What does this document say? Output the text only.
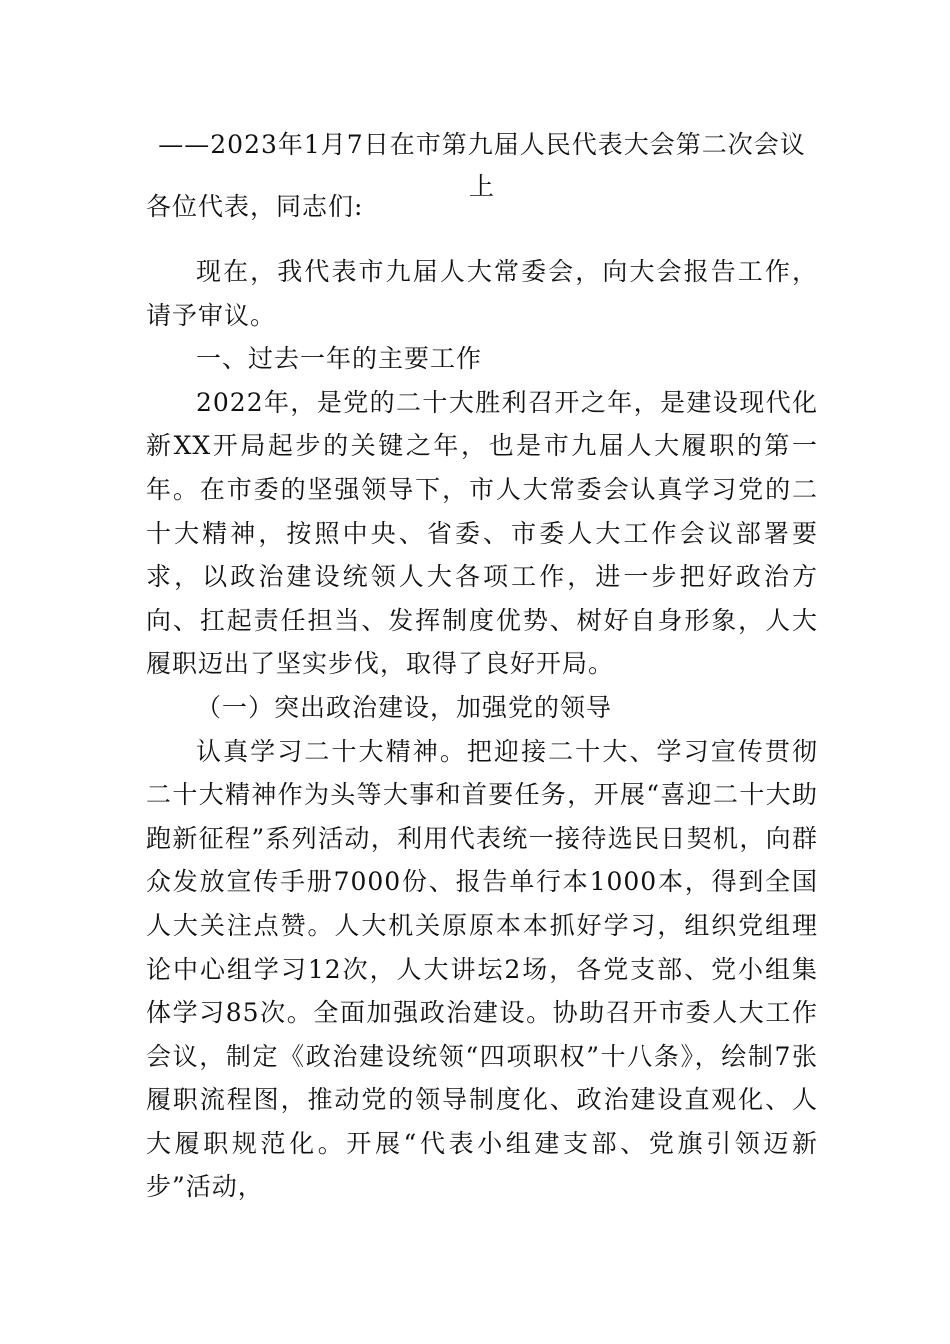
——2023年1月7日在市第九届人民代表大会第二次会议上
各位代表，同志们:

现在，我代表市九届人大常委会，向大会报告工作，请予审议。

一、过去一年的主要工作

2022年，是党的二十大胜利召开之年，是建设现代化新XX开局起步的关键之年，也是市九届人大履职的第一年。在市委的坚强领导下，市人大常委会认真学习党的二十大精神，按照中央、省委、市委人大工作会议部署要求，以政治建设统领人大各项工作，进一步把好政治方向、扛起责任担当、发挥制度优势、树好自身形象，人大履职迈出了坚实步伐，取得了良好开局。

（一）突出政治建设，加强党的领导

认真学习二十大精神。把迎接二十大、学习宣传贯彻二十大精神作为头等大事和首要任务，开展“喜迎二十大助跑新征程”系列活动，利用代表统一接待选民日契机，向群众发放宣传手册7000份、报告单行本1000本，得到全国人大关注点赞。人大机关原原本本抓好学习，组织党组理论中心组学习12次，人大讲坛2场，各党支部、党小组集体学习85次。全面加强政治建设。协助召开市委人大工作会议，制定《政治建设统领“四项职权”十八条》，绘制7张履职流程图，推动党的领导制度化、政治建设直观化、人大履职规范化。开展“代表小组建支部、党旗引领迈新步”活动，
